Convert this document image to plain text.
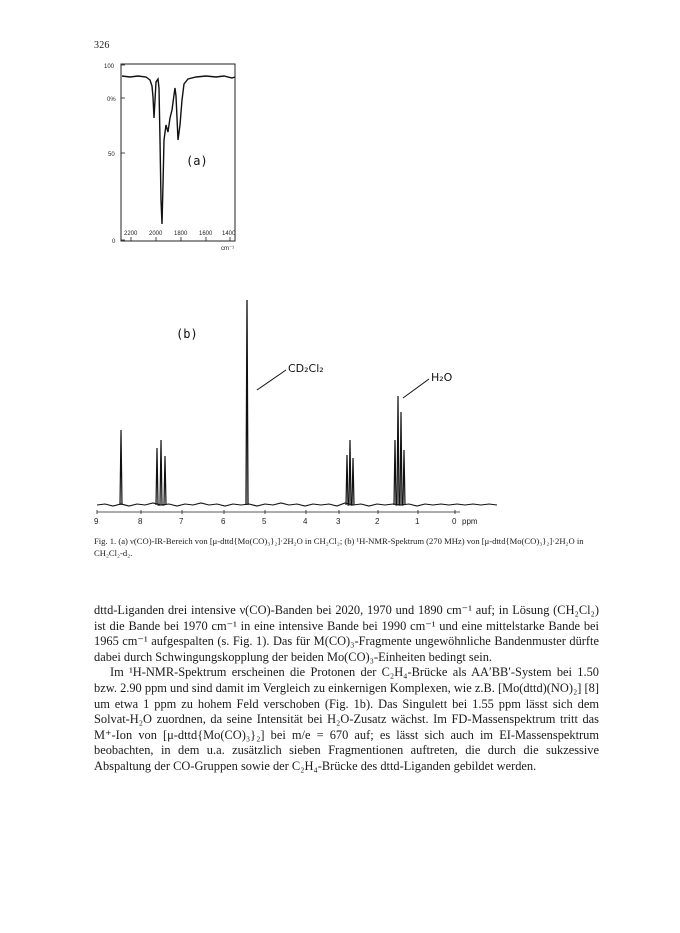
326
100
0%
50
0
2200 2000 1800 1600 1400
cm⁻¹
(a)
(b)
9	8	7	6	5	4	3	2	1	0 ppm
CD₂Cl₂
H₂O
Fig. 1. (a) ν(CO)-IR-Bereich von [μ-dttd{Mo(CO)₃}₂]·2H₂O in CH₂Cl₂; (b) ¹H-NMR-Spektrum (270 MHz) von [μ-dttd{Mo(CO)₃}₂]·2H₂O in CH₂Cl₂-d₂.

dttd-Liganden drei intensive ν(CO)-Banden bei 2020, 1970 und 1890 cm⁻¹ auf; in Lösung (CH₂Cl₂) ist die Bande bei 1970 cm⁻¹ in eine intensive Bande bei 1990 cm⁻¹ und eine mittelstarke Bande bei 1965 cm⁻¹ aufgespalten (s. Fig. 1). Das für M(CO)₃-Fragmente ungewöhnliche Bandenmuster dürfte dabei durch Schwingungskopplung der beiden Mo(CO)₃-Einheiten bedingt sein.

Im ¹H-NMR-Spektrum erscheinen die Protonen der C₂H₄-Brücke als AA′BB′-System bei 1.50 bzw. 2.90 ppm und sind damit im Vergleich zu einkernigen Komplexen, wie z.B. [Mo(dttd)(NO)₂] [8] um etwa 1 ppm zu hohem Feld verschoben (Fig. 1b). Das Singulett bei 1.55 ppm lässt sich dem Solvat-H₂O zuordnen, da seine Intensität bei H₂O-Zusatz wächst. Im FD-Massenspektrum tritt das M⁺-Ion von [μ-dttd{Mo(CO)₃}₂] bei m/e = 670 auf; es lässt sich auch im EI-Massenspektrum beobachten, in dem u.a. zusätzlich sieben Fragmentionen auftreten, die durch die sukzessive Abspaltung der CO-Gruppen sowie der C₂H₄-Brücke des dttd-Liganden gebildet werden.
